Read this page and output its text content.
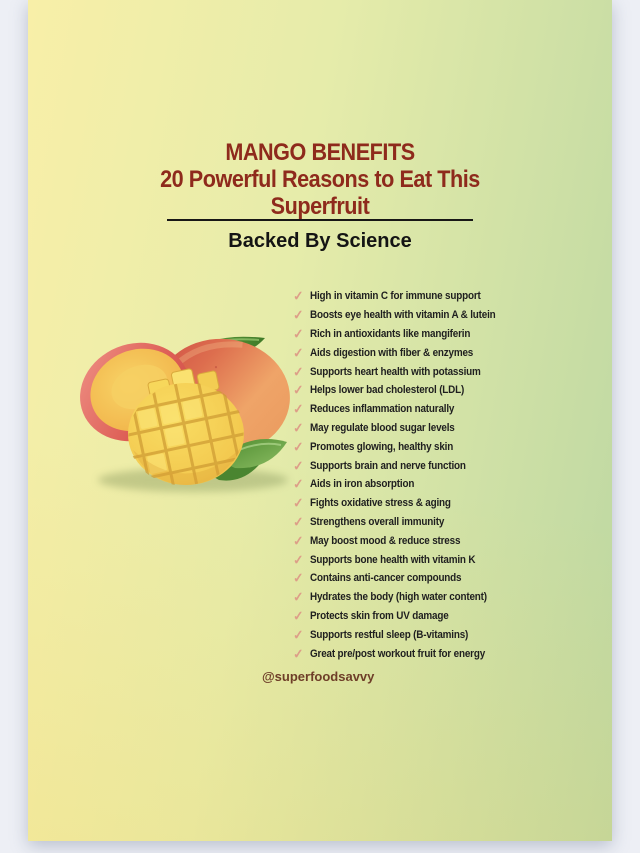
MANGO BENEFITS
20 Powerful Reasons to Eat This
Superfruit
Backed By Science
✓ High in vitamin C for immune support
✓ Boosts eye health with vitamin A & lutein
✓ Rich in antioxidants like mangiferin
✓ Aids digestion with fiber & enzymes
✓ Supports heart health with potassium
✓ Helps lower bad cholesterol (LDL)
✓ Reduces inflammation naturally
✓ May regulate blood sugar levels
✓ Promotes glowing, healthy skin
✓ Supports brain and nerve function
✓ Aids in iron absorption
✓ Fights oxidative stress & aging
✓ Strengthens overall immunity
✓ May boost mood & reduce stress
✓ Supports bone health with vitamin K
✓ Contains anti-cancer compounds
✓ Hydrates the body (high water content)
✓ Protects skin from UV damage
✓ Supports restful sleep (B-vitamins)
✓ Great pre/post workout fruit for energy
@superfoodsavvy
